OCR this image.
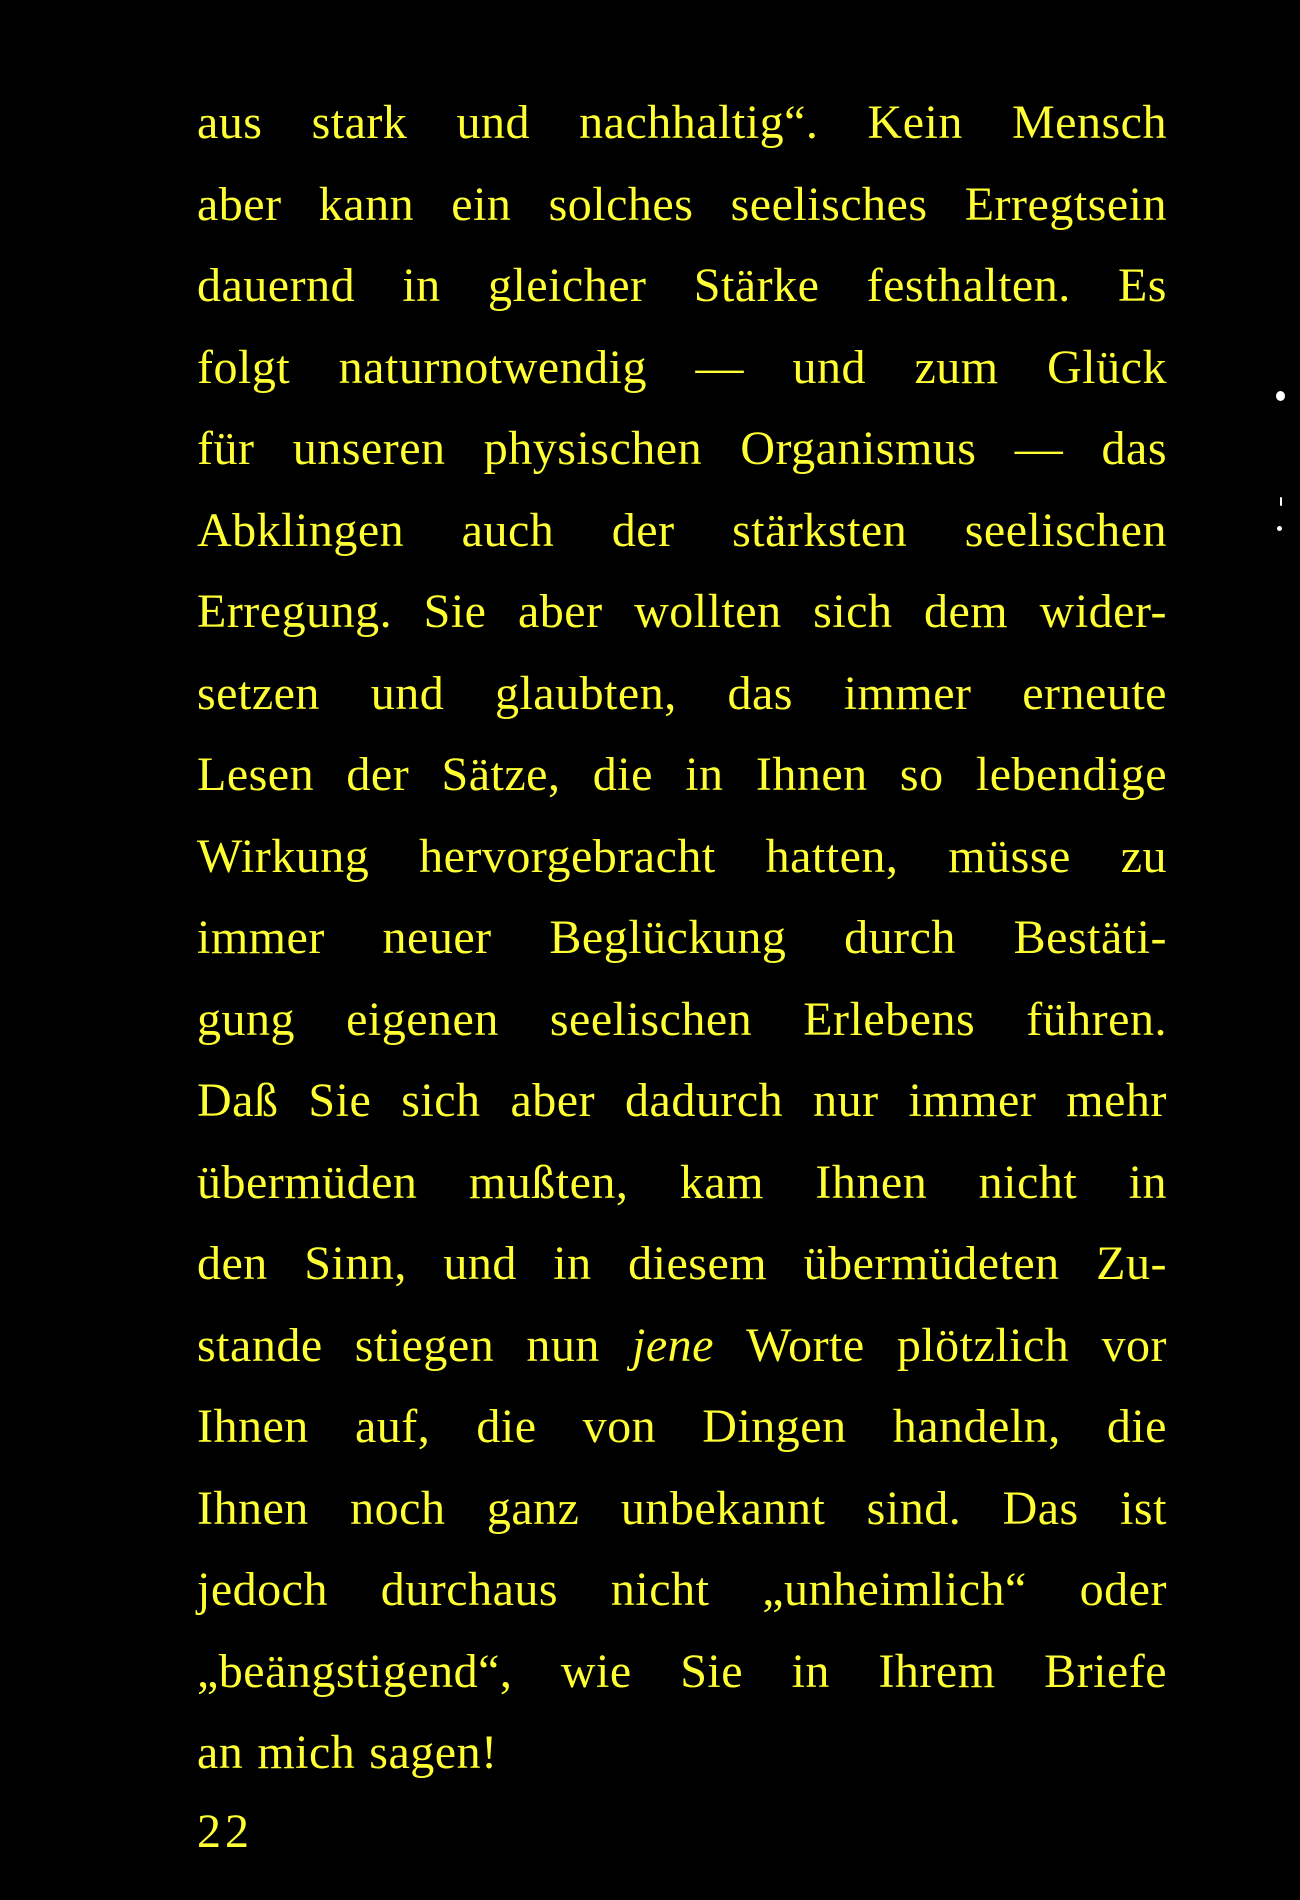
aus stark und nachhaltig“. Kein Mensch
aber kann ein solches seelisches Erregtsein
dauernd in gleicher Stärke festhalten. Es
folgt naturnotwendig — und zum Glück
für unseren physischen Organismus — das
Abklingen auch der stärksten seelischen
Erregung. Sie aber wollten sich dem wider-
setzen und glaubten, das immer erneute
Lesen der Sätze, die in Ihnen so lebendige
Wirkung hervorgebracht hatten, müsse zu
immer neuer Beglückung durch Bestäti-
gung eigenen seelischen Erlebens führen.
Daß Sie sich aber dadurch nur immer mehr
übermüden mußten, kam Ihnen nicht in
den Sinn, und in diesem übermüdeten Zu-
stande stiegen nun jene Worte plötzlich vor
Ihnen auf, die von Dingen handeln, die
Ihnen noch ganz unbekannt sind. Das ist
jedoch durchaus nicht „unheimlich“ oder
„beängstigend“, wie Sie in Ihrem Briefe
an mich sagen!
22
